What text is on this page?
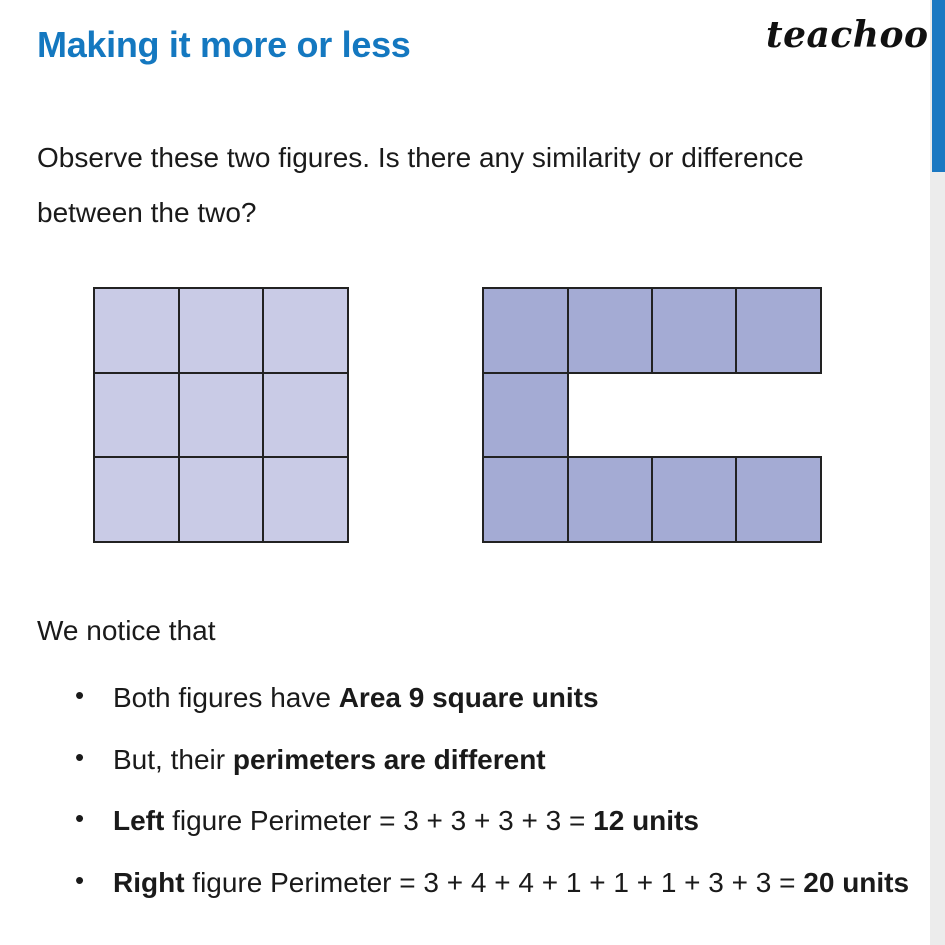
Making it more or less	teachoo
Observe these two figures. Is there any similarity or difference
between the two?
We notice that
• Both figures have Area 9 square units
• But, their perimeters are different
• Left figure Perimeter = 3 + 3 + 3 + 3 = 12 units
• Right figure Perimeter = 3 + 4 + 4 + 1 + 1 + 1 + 3 + 3 = 20 units
